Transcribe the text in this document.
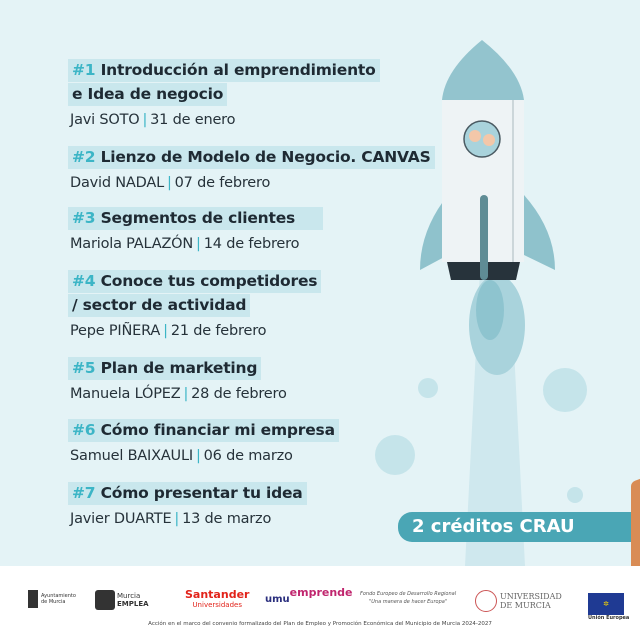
#1 Introducción al emprendimiento
e Idea de negocio
Javi SOTO | 31 de enero
#2 Lienzo de Modelo de Negocio. CANVAS
David NADAL | 07 de febrero
#3 Segmentos de clientes
Mariola PALAZÓN | 14 de febrero
#4 Conoce tus competidores
/ sector de actividad
Pepe PIÑERA | 21 de febrero
#5 Plan de marketing
Manuela LÓPEZ | 28 de febrero
#6 Cómo financiar mi empresa
Samuel BAIXAULI | 06 de marzo
#7 Cómo presentar tu idea
Javier DUARTE | 13 de marzo	2 créditos CRAU
Ayuntamiento
de Murcia
Murcia
EMPLEA
Santander
Universidades	umuemprende Fondo Europeo de Desarrollo Regional
"Una manera de hacer Europa"
UNIVERSIDAD
DE MURCIA	✲
Unión Europea
Acción en el marco del convenio formalizado del Plan de Empleo y Promoción Económica del Municipio de Murcia 2024-2027
